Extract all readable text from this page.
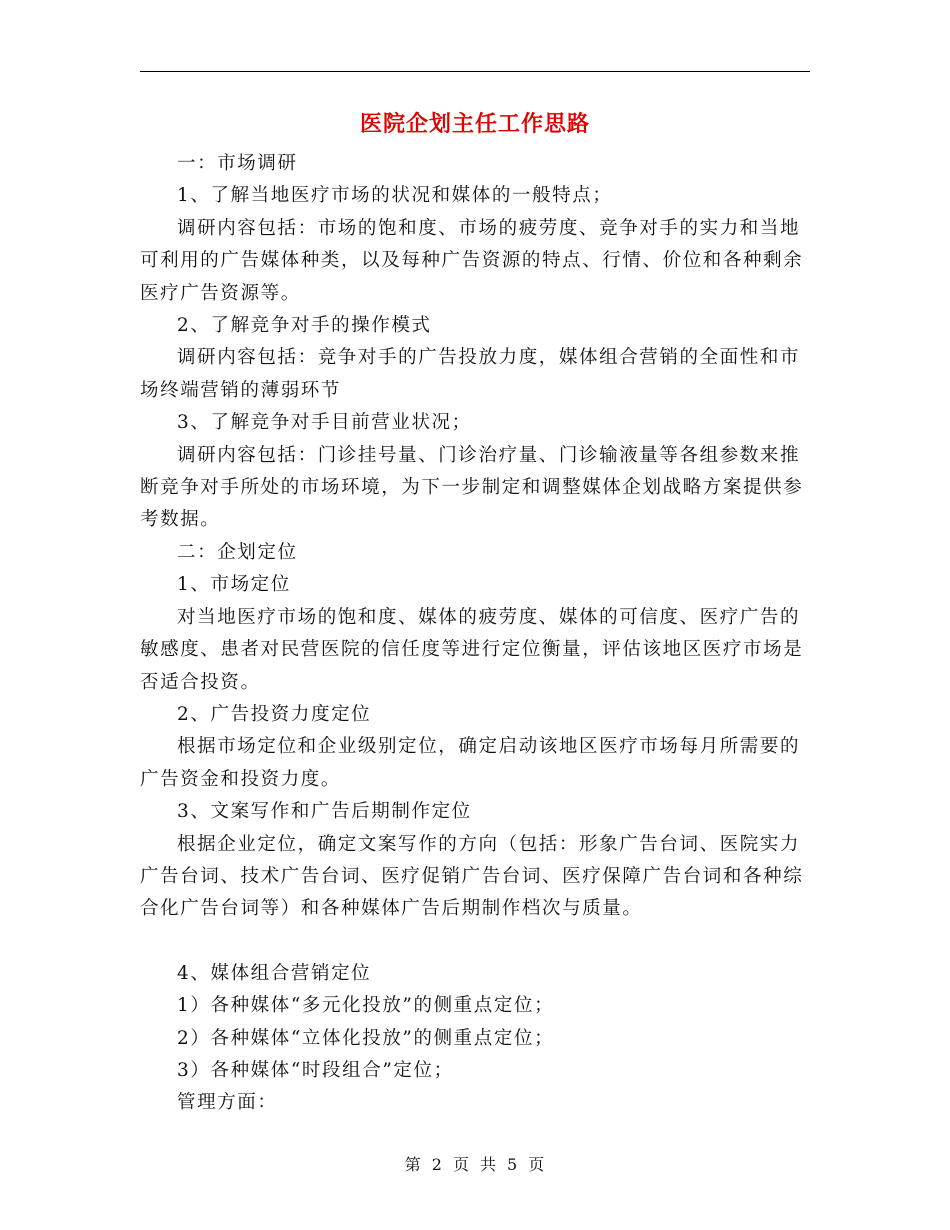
医院企划主任工作思路

一：市场调研

1、了解当地医疗市场的状况和媒体的一般特点；

调研内容包括：市场的饱和度、市场的疲劳度、竞争对手的实力和当地可利用的广告媒体种类，以及每种广告资源的特点、行情、价位和各种剩余医疗广告资源等。

2、了解竞争对手的操作模式

调研内容包括：竞争对手的广告投放力度，媒体组合营销的全面性和市场终端营销的薄弱环节

3、了解竞争对手目前营业状况；

调研内容包括：门诊挂号量、门诊治疗量、门诊输液量等各组参数来推断竞争对手所处的市场环境，为下一步制定和调整媒体企划战略方案提供参考数据。

二：企划定位

1、市场定位

对当地医疗市场的饱和度、媒体的疲劳度、媒体的可信度、医疗广告的敏感度、患者对民营医院的信任度等进行定位衡量，评估该地区医疗市场是否适合投资。

2、广告投资力度定位

根据市场定位和企业级别定位，确定启动该地区医疗市场每月所需要的广告资金和投资力度。

3、文案写作和广告后期制作定位

根据企业定位，确定文案写作的方向（包括：形象广告台词、医院实力广告台词、技术广告台词、医疗促销广告台词、医疗保障广告台词和各种综合化广告台词等）和各种媒体广告后期制作档次与质量。

4、媒体组合营销定位

1）各种媒体“多元化投放”的侧重点定位；

2）各种媒体“立体化投放”的侧重点定位；

3）各种媒体“时段组合”定位；

管理方面：

第 2 页 共 5 页
